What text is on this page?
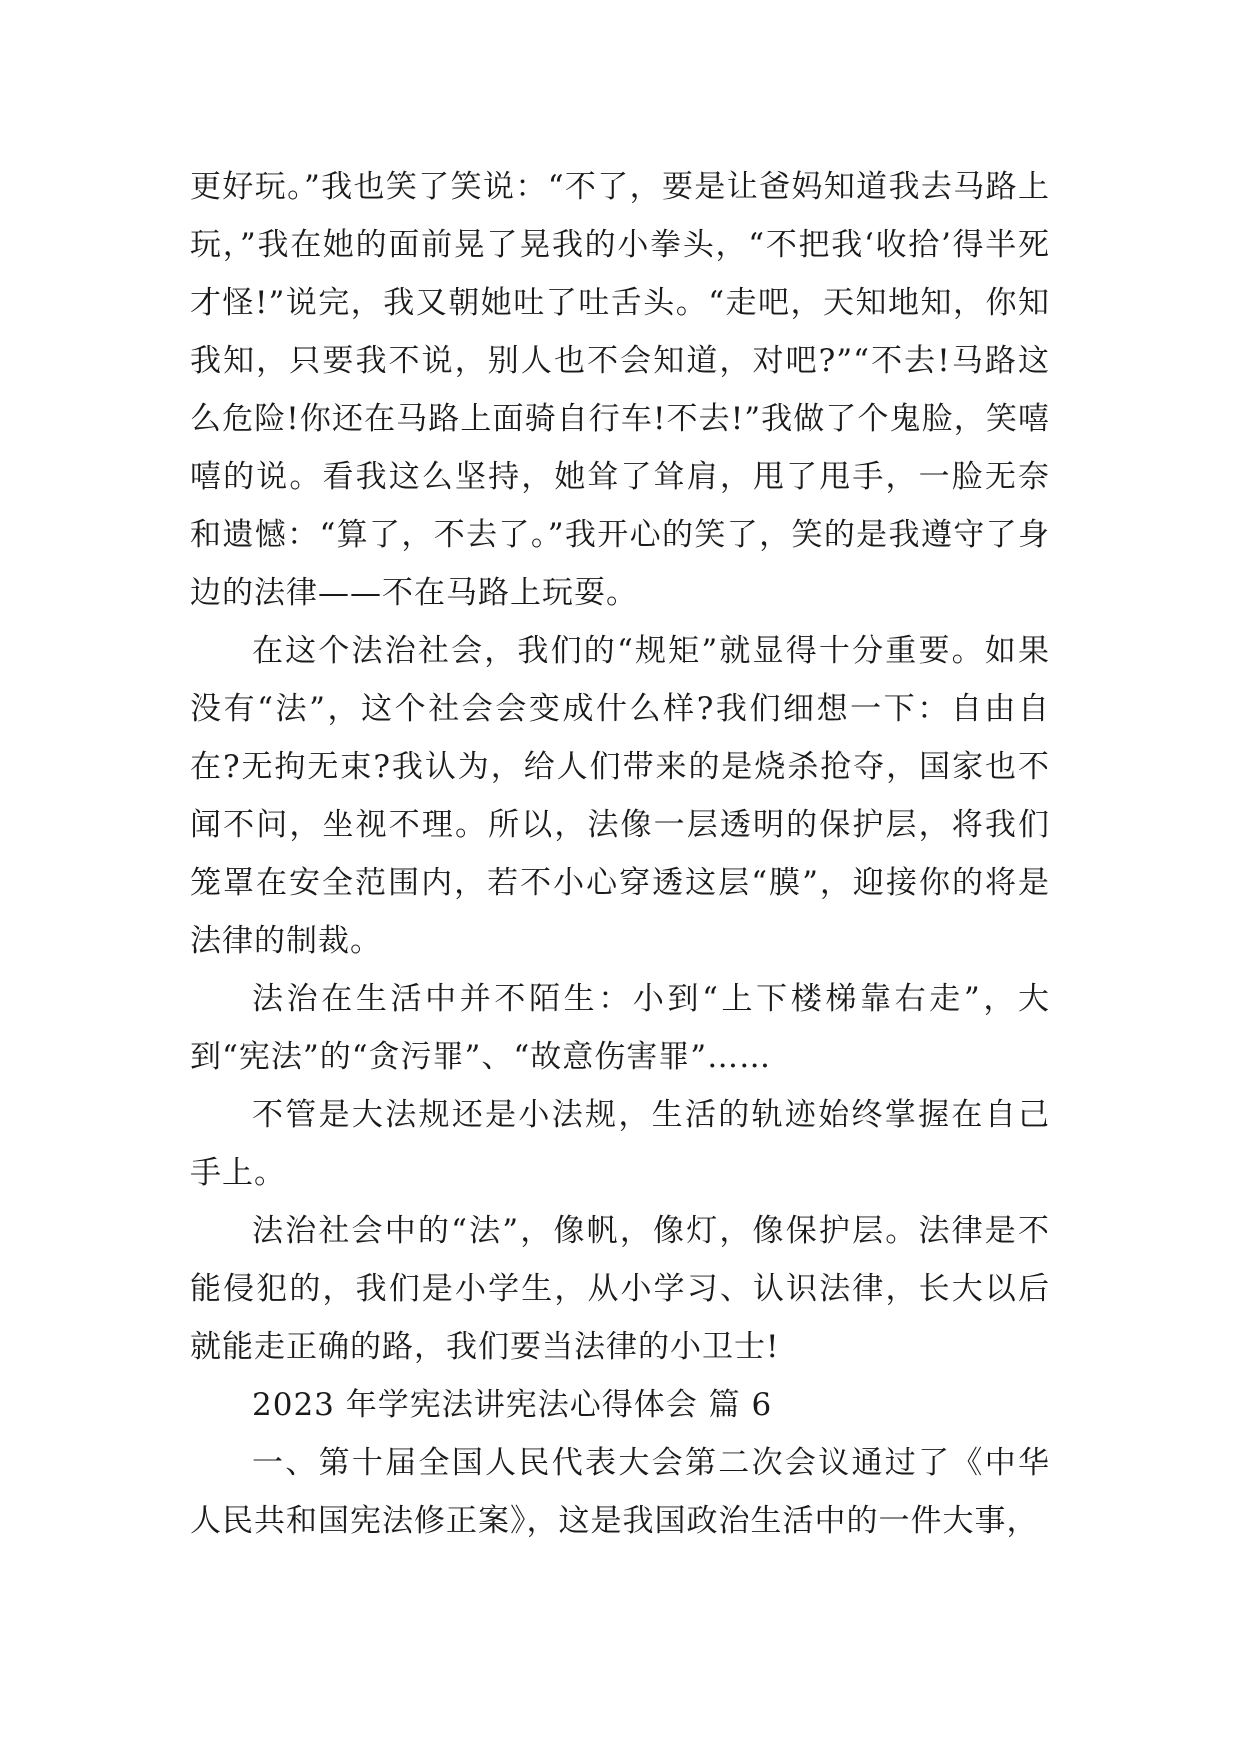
更好玩。”我也笑了笑说：“不了，要是让爸妈知道我去马路上玩，”我在她的面前晃了晃我的小拳头，“不把我‘收拾’得半死才怪!”说完，我又朝她吐了吐舌头。“走吧，天知地知，你知我知，只要我不说，别人也不会知道，对吧?”“不去!马路这么危险!你还在马路上面骑自行车!不去!”我做了个鬼脸，笑嘻嘻的说。看我这么坚持，她耸了耸肩，甩了甩手，一脸无奈和遗憾：“算了，不去了。”我开心的笑了，笑的是我遵守了身边的法律——不在马路上玩耍。

在这个法治社会，我们的“规矩”就显得十分重要。如果没有“法”，这个社会会变成什么样?我们细想一下：自由自在?无拘无束?我认为，给人们带来的是烧杀抢夺，国家也不闻不问，坐视不理。所以，法像一层透明的保护层，将我们笼罩在安全范围内，若不小心穿透这层“膜”，迎接你的将是法律的制裁。

法治在生活中并不陌生：小到“上下楼梯靠右走”，大到“宪法”的“贪污罪”、“故意伤害罪”……

不管是大法规还是小法规，生活的轨迹始终掌握在自己手上。

法治社会中的“法”，像帆，像灯，像保护层。法律是不能侵犯的，我们是小学生，从小学习、认识法律，长大以后就能走正确的路，我们要当法律的小卫士!

2023 年学宪法讲宪法心得体会 篇 6

一、第十届全国人民代表大会第二次会议通过了《中华人民共和国宪法修正案》，这是我国政治生活中的一件大事，
